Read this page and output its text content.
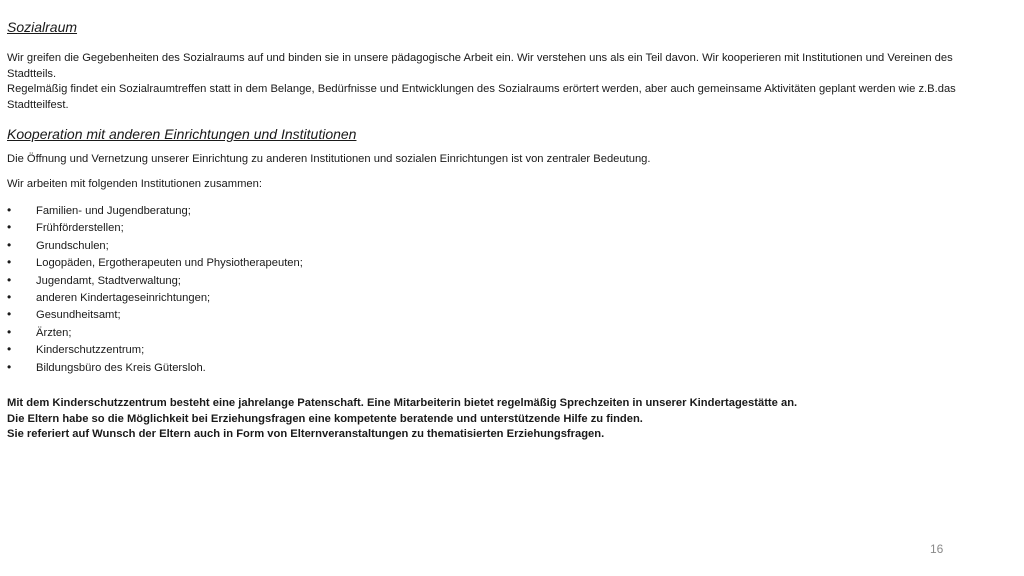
Sozialraum

Wir greifen die Gegebenheiten des Sozialraums auf und binden sie in unsere pädagogische Arbeit ein. Wir verstehen uns als ein Teil davon. Wir kooperieren mit Institutionen und Vereinen des Stadtteils.

Regelmäßig findet ein Sozialraumtreffen statt in dem Belange, Bedürfnisse und Entwicklungen des Sozialraums erörtert werden, aber auch gemeinsame Aktivitäten geplant werden wie z.B.das Stadtteilfest.

Kooperation mit anderen Einrichtungen und Institutionen

Die Öffnung und Vernetzung unserer Einrichtung zu anderen Institutionen und sozialen Einrichtungen ist von zentraler Bedeutung.

Wir arbeiten mit folgenden Institutionen zusammen:

•	Familien- und Jugendberatung;
•	Frühförderstellen;
•	Grundschulen;
•	Logopäden, Ergotherapeuten und Physiotherapeuten;
•	Jugendamt, Stadtverwaltung;
•	anderen Kindertageseinrichtungen;
•	Gesundheitsamt;
•	Ärzten;
•	Kinderschutzzentrum;
•	Bildungsbüro des Kreis Gütersloh.

Mit dem Kinderschutzzentrum besteht eine jahrelange Patenschaft. Eine Mitarbeiterin bietet regelmäßig Sprechzeiten in unserer Kindertagestätte an.

Die Eltern habe so die Möglichkeit bei Erziehungsfragen eine kompetente beratende und unterstützende Hilfe zu finden.

Sie referiert auf Wunsch der Eltern auch in Form von Elternveranstaltungen zu thematisierten Erziehungsfragen.

16
